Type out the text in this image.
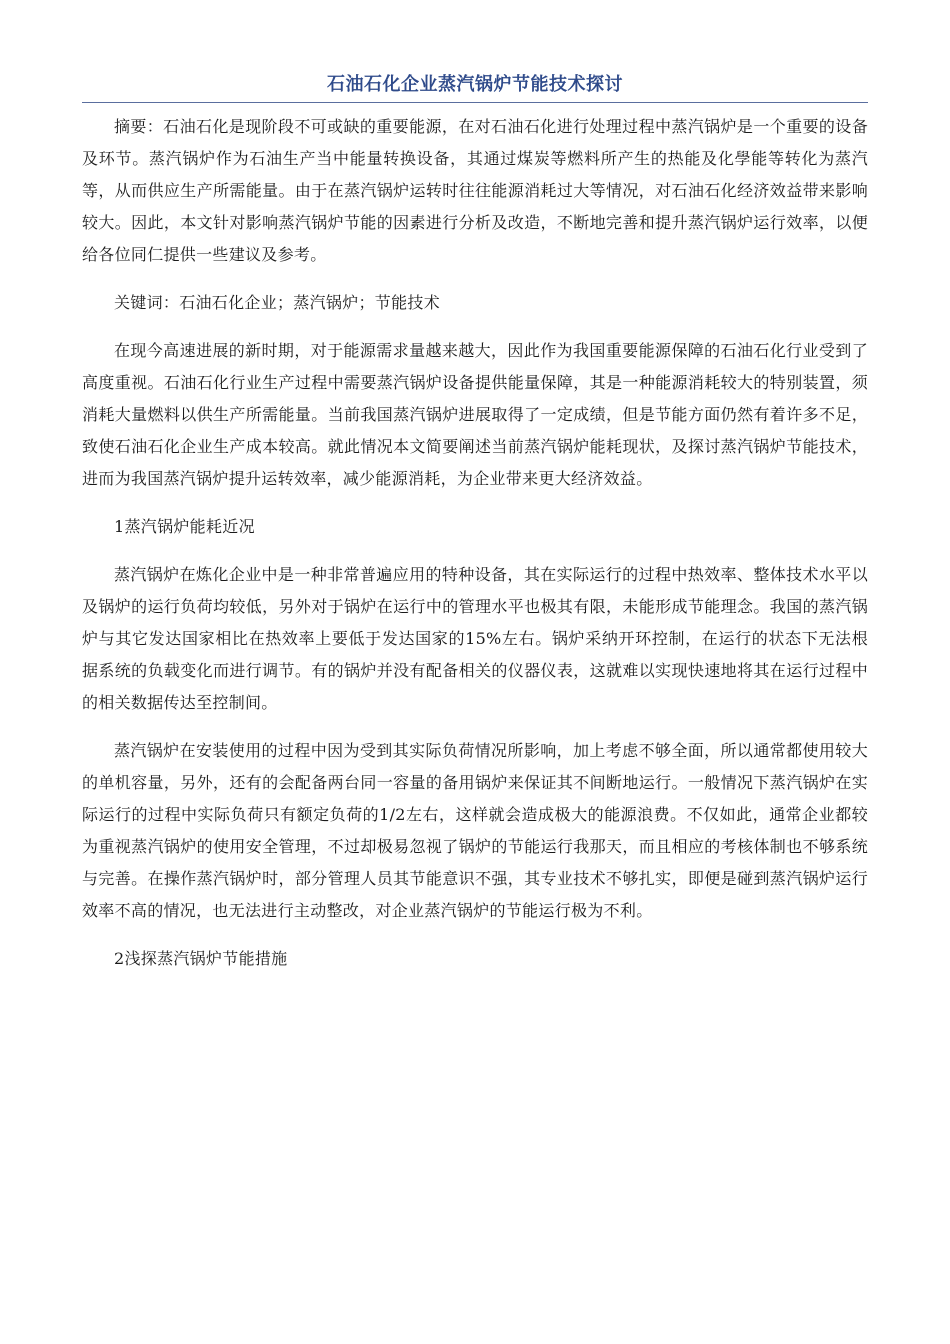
石油石化企业蒸汽锅炉节能技术探讨

摘要：石油石化是现阶段不可或缺的重要能源，在对石油石化进行处理过程中蒸汽锅炉是一个重要的设备及环节。蒸汽锅炉作为石油生产当中能量转换设备，其通过煤炭等燃料所产生的热能及化學能等转化为蒸汽等，从而供应生产所需能量。由于在蒸汽锅炉运转时往往能源消耗过大等情况，对石油石化经济效益带来影响较大。因此，本文针对影响蒸汽锅炉节能的因素进行分析及改造，不断地完善和提升蒸汽锅炉运行效率，以便给各位同仁提供一些建议及参考。

关键词：石油石化企业；蒸汽锅炉；节能技术

在现今高速进展的新时期，对于能源需求量越来越大，因此作为我国重要能源保障的石油石化行业受到了高度重视。石油石化行业生产过程中需要蒸汽锅炉设备提供能量保障，其是一种能源消耗较大的特别装置，须消耗大量燃料以供生产所需能量。当前我国蒸汽锅炉进展取得了一定成绩，但是节能方面仍然有着许多不足，致使石油石化企业生产成本较高。就此情况本文简要阐述当前蒸汽锅炉能耗现状，及探讨蒸汽锅炉节能技术，进而为我国蒸汽锅炉提升运转效率，减少能源消耗，为企业带来更大经济效益。

1蒸汽锅炉能耗近况

蒸汽锅炉在炼化企业中是一种非常普遍应用的特种设备，其在实际运行的过程中热效率、整体技术水平以及锅炉的运行负荷均较低，另外对于锅炉在运行中的管理水平也极其有限，未能形成节能理念。我国的蒸汽锅炉与其它发达国家相比在热效率上要低于发达国家的15%左右。锅炉采纳开环控制，在运行的状态下无法根据系统的负载变化而进行调节。有的锅炉并没有配备相关的仪器仪表，这就难以实现快速地将其在运行过程中的相关数据传达至控制间。

蒸汽锅炉在安装使用的过程中因为受到其实际负荷情况所影响，加上考虑不够全面，所以通常都使用较大的单机容量，另外，还有的会配备两台同一容量的备用锅炉来保证其不间断地运行。一般情况下蒸汽锅炉在实际运行的过程中实际负荷只有额定负荷的1/2左右，这样就会造成极大的能源浪费。不仅如此，通常企业都较为重视蒸汽锅炉的使用安全管理，不过却极易忽视了锅炉的节能运行我那天，而且相应的考核体制也不够系统与完善。在操作蒸汽锅炉时，部分管理人员其节能意识不强，其专业技术不够扎实，即便是碰到蒸汽锅炉运行效率不高的情况，也无法进行主动整改，对企业蒸汽锅炉的节能运行极为不利。

2浅探蒸汽锅炉节能措施
